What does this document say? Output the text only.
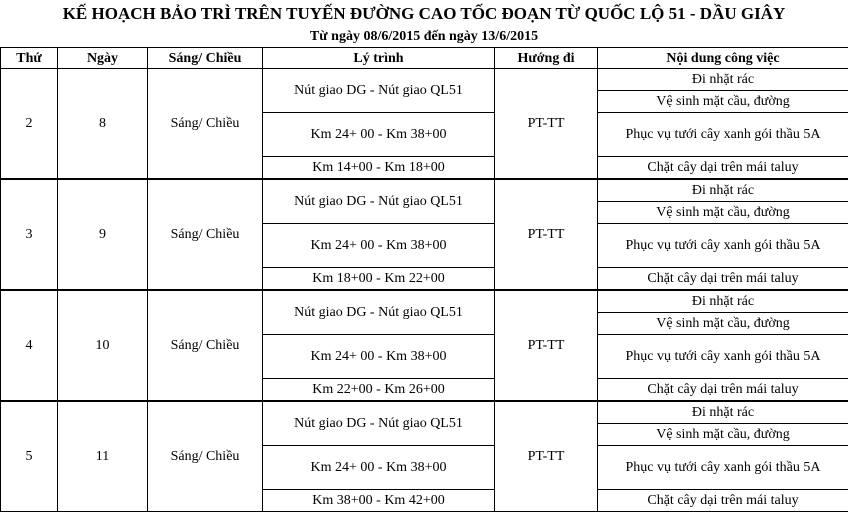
KẾ HOẠCH BẢO TRÌ TRÊN TUYẾN ĐƯỜNG CAO TỐC ĐOẠN TỪ QUỐC LỘ 51 - DẦU GIÂY
Từ ngày 08/6/2015 đến ngày 13/6/2015
Thứ	Ngày	Sáng/ Chiều	Lý trình	Hướng đi	Nội dung công việc
2	8	Sáng/ Chiều	Nút giao DG - Nút giao QL51	PT-TT	Đi nhặt rác
					Vệ sinh mặt cầu, đường
			Km 24+ 00 - Km 38+00		Phục vụ tưới cây xanh gói thầu 5A

			Km 14+00 - Km 18+00		Chặt cây dại trên mái taluy
3	9	Sáng/ Chiều	Nút giao DG - Nút giao QL51	PT-TT	Đi nhặt rác
					Vệ sinh mặt cầu, đường
			Km 24+ 00 - Km 38+00		Phục vụ tưới cây xanh gói thầu 5A

			Km 18+00 - Km 22+00		Chặt cây dại trên mái taluy
4	10	Sáng/ Chiều	Nút giao DG - Nút giao QL51	PT-TT	Đi nhặt rác
					Vệ sinh mặt cầu, đường
			Km 24+ 00 - Km 38+00		Phục vụ tưới cây xanh gói thầu 5A

			Km 22+00 - Km 26+00		Chặt cây dại trên mái taluy
5	11	Sáng/ Chiều	Nút giao DG - Nút giao QL51	PT-TT	Đi nhặt rác
					Vệ sinh mặt cầu, đường
			Km 24+ 00 - Km 38+00		Phục vụ tưới cây xanh gói thầu 5A

			Km 38+00 - Km 42+00		Chặt cây dại trên mái taluy
